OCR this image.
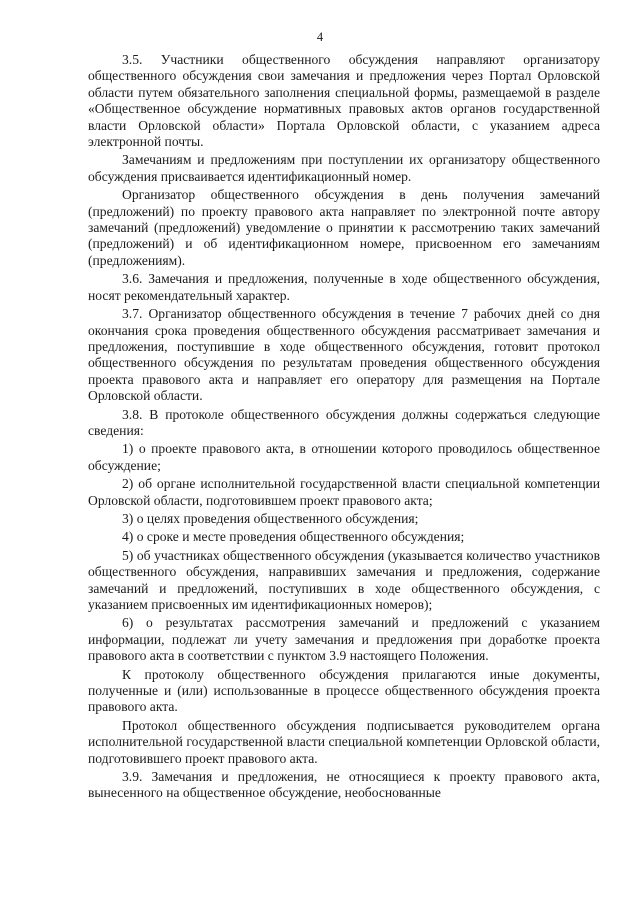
4

3.5. Участники общественного обсуждения направляют организатору общественного обсуждения свои замечания и предложения через Портал Орловской области путем обязательного заполнения специальной формы, размещаемой в разделе «Общественное обсуждение нормативных правовых актов органов государственной власти Орловской области» Портала Орловской области, с указанием адреса электронной почты.

Замечаниям и предложениям при поступлении их организатору общественного обсуждения присваивается идентификационный номер.

Организатор общественного обсуждения в день получения замечаний (предложений) по проекту правового акта направляет по электронной почте автору замечаний (предложений) уведомление о принятии к рассмотрению таких замечаний (предложений) и об идентификационном номере, присвоенном его замечаниям (предложениям).

3.6. Замечания и предложения, полученные в ходе общественного обсуждения, носят рекомендательный характер.

3.7. Организатор общественного обсуждения в течение 7 рабочих дней со дня окончания срока проведения общественного обсуждения рассматривает замечания и предложения, поступившие в ходе общественного обсуждения, готовит протокол общественного обсуждения по результатам проведения общественного обсуждения проекта правового акта и направляет его оператору для размещения на Портале Орловской области.

3.8. В протоколе общественного обсуждения должны содержаться следующие сведения:

1) о проекте правового акта, в отношении которого проводилось общественное обсуждение;

2) об органе исполнительной государственной власти специальной компетенции Орловской области, подготовившем проект правового акта;

3) о целях проведения общественного обсуждения;

4) о сроке и месте проведения общественного обсуждения;

5) об участниках общественного обсуждения (указывается количество участников общественного обсуждения, направивших замечания и предложения, содержание замечаний и предложений, поступивших в ходе общественного обсуждения, с указанием присвоенных им идентификационных номеров);

6) о результатах рассмотрения замечаний и предложений с указанием информации, подлежат ли учету замечания и предложения при доработке проекта правового акта в соответствии с пунктом 3.9 настоящего Положения.

К протоколу общественного обсуждения прилагаются иные документы, полученные и (или) использованные в процессе общественного обсуждения проекта правового акта.

Протокол общественного обсуждения подписывается руководителем органа исполнительной государственной власти специальной компетенции Орловской области, подготовившего проект правового акта.

3.9. Замечания и предложения, не относящиеся к проекту правового акта, вынесенного на общественное обсуждение, необоснованные
